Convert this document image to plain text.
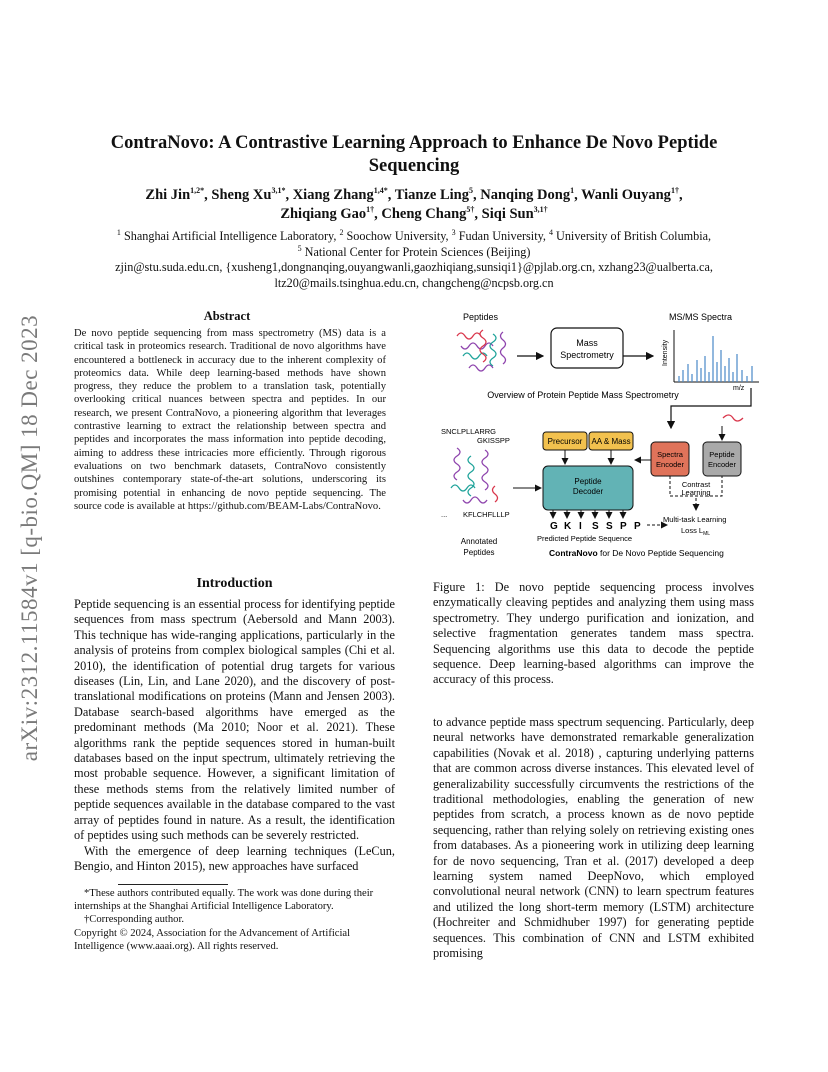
arXiv:2312.11584v1 [q-bio.QM] 18 Dec 2023
ContraNovo: A Contrastive Learning Approach to Enhance De Novo Peptide
Sequencing
Zhi Jin$^{1,2*}$, Sheng $Xu^{3,1*}$, Xiang Zhang$^{1,4*}$, Tianze Ling$^5$, Nanqing Dong$^1$, Wanli Ouyang$^{1\dagger}$,
Zhiqiang Gao$^{1\dagger}$, Cheng Chang$^{5\dagger}$, Siqi Sun$^{3,1\dagger}$
$^1$ Shanghai Artificial Intelligence Laboratory, $^2$ Soochow University, $^3$ Fudan University, $^4$ University of British Columbia,
$^5$ National Center for Protein Sciences (Beijing)
zjin@stu.suda.edu.cn, {xusheng1,dongnanqing,ouyangwanli,gaozhiqiang,sunsiqi1}@pjlab.org.cn, xzhang23@ualberta.ca,
ltz20@mails.tsinghua.edu.cn, changcheng@ncpsb.org.cn
Abstract
De novo peptide sequencing from mass spectrometry (MS) data is a critical task in proteomics research. Traditional de novo algorithms have encountered a bottleneck in accuracy due to the inherent complexity of proteomics data. While deep learning-based methods have shown progress, they reduce the problem to a translation task, potentially overlooking critical nuances between spectra and peptides. In our research, we present ContraNovo, a pioneering algorithm that leverages contrastive learning to extract the relationship between spectra and peptides and incorporates the mass information into peptide decoding, aiming to address these intricacies more efficiently. Through rigorous evaluations on two benchmark datasets, ContraNovo consistently outshines contemporary state-of-the-art solutions, underscoring its promising potential in enhancing de novo peptide sequencing. The source code is available at https://github.com/BEAM-Labs/ContraNovo.
Introduction
Peptide sequencing is an essential process for identifying peptide sequences from mass spectrum (Aebersold and Mann 2003). This technique has wide-ranging applications, particularly in the analysis of proteins from complex biological samples (Chi et al. 2010), the identification of potential drug targets for various diseases (Lin, Lin, and Lane 2020), and the discovery of post-translational modifications on proteins (Mann and Jensen 2003). Database search-based algorithms have emerged as the predominant methods (Ma 2010; Noor et al. 2021). These algorithms rank the peptide sequences stored in human-built databases based on the input spectrum, ultimately retrieving the most probable sequence. However, a significant limitation of these methods stems from the relatively limited number of peptide sequences available in the database compared to the vast array of peptides found in nature. As a result, the identification of peptides using such methods can be severely restricted.
With the emergence of deep learning techniques (LeCun, Bengio, and Hinton 2015), new approaches have surfaced
*These authors contributed equally. The work was done during their internships at the Shanghai Artificial Intelligence Laboratory.
†Corresponding author.
Copyright © 2024, Association for the Advancement of Artificial Intelligence (www.aaai.org). All rights reserved.
Peptides	MS/MS Spectra
Mass
Spectrometry	Intensity
m/z
Overview of Protein Peptide Mass Spectrometry
SNCLPLLARRG
GKISSPP
... KFLCHFLLLP
Annotated
Peptides
Precursor AA & Mass
Peptide
Decoder
Spectra
Encoder
Peptide
Encoder
Contrast
Learning
G K I S S P P
Predicted Peptide Sequence
Multi-task Learning
Loss $L_{ML}$
ContraNovo for De Novo Peptide Sequencing
Figure 1: De novo peptide sequencing process involves enzymatically cleaving peptides and analyzing them using mass spectrometry. They undergo purification and ionization, and selective fragmentation generates tandem mass spectra. Sequencing algorithms use this data to decode the peptide sequence. Deep learning-based algorithms can improve the accuracy of this process.
to advance peptide mass spectrum sequencing. Particularly, deep neural networks have demonstrated remarkable generalization capabilities (Novak et al. 2018) , capturing underlying patterns that are common across diverse instances. This elevated level of generalizability successfully circumvents the restrictions of the traditional methodologies, enabling the generation of new peptides from scratch, a process known as de novo peptide sequencing, rather than relying solely on retrieving existing ones from databases. As a pioneering work in utilizing deep learning for de novo sequencing, Tran et al. (2017) developed a deep learning system named DeepNovo, which employed convolutional neural network (CNN) to learn spectrum features and utilized the long short-term memory (LSTM) architecture (Hochreiter and Schmidhuber 1997) for generating peptide sequences. This combination of CNN and LSTM exhibited promising
